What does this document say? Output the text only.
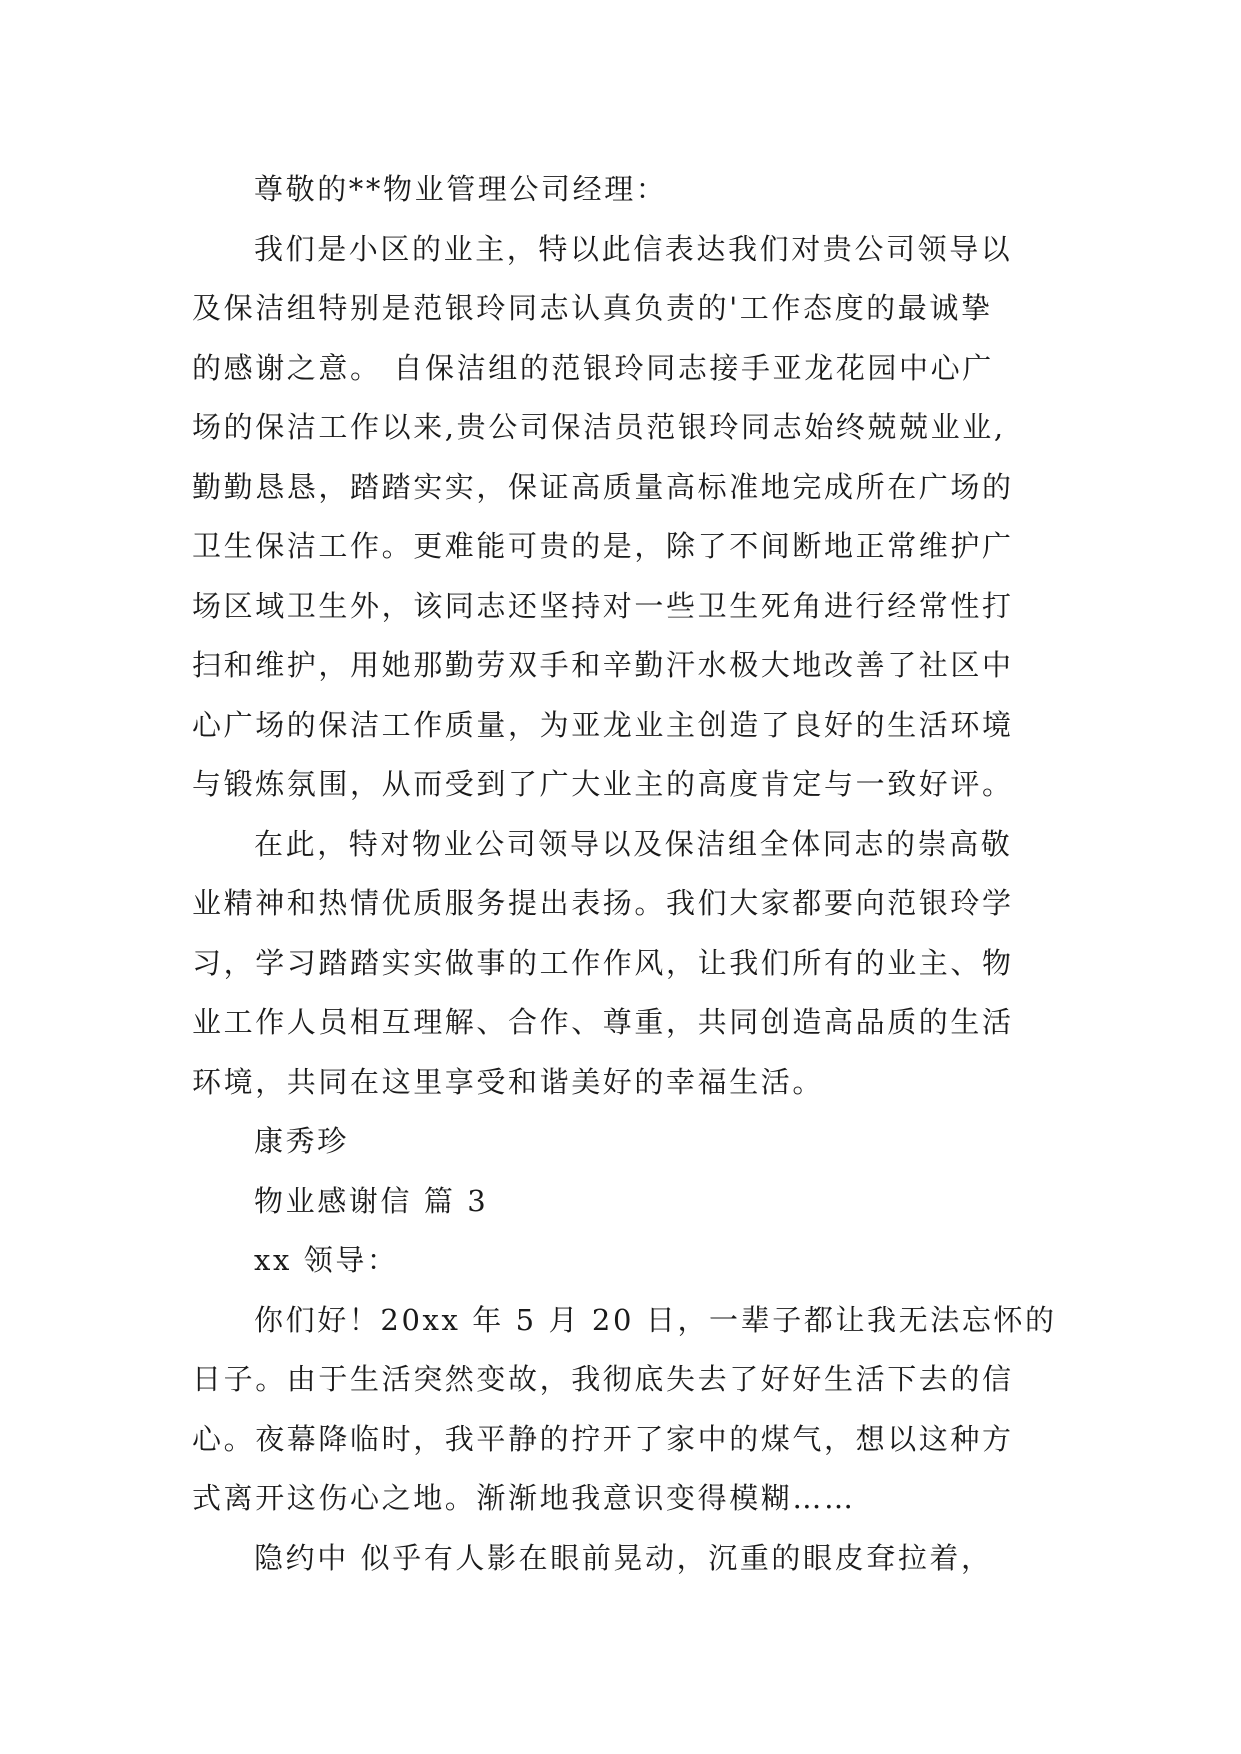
尊敬的**物业管理公司经理：
我们是小区的业主，特以此信表达我们对贵公司领导以
及保洁组特别是范银玲同志认真负责的'工作态度的最诚挚
的感谢之意。 自保洁组的范银玲同志接手亚龙花园中心广
场的保洁工作以来,贵公司保洁员范银玲同志始终兢兢业业,
勤勤恳恳，踏踏实实，保证高质量高标准地完成所在广场的
卫生保洁工作。更难能可贵的是，除了不间断地正常维护广
场区域卫生外，该同志还坚持对一些卫生死角进行经常性打
扫和维护，用她那勤劳双手和辛勤汗水极大地改善了社区中
心广场的保洁工作质量，为亚龙业主创造了良好的生活环境
与锻炼氛围，从而受到了广大业主的高度肯定与一致好评。
在此，特对物业公司领导以及保洁组全体同志的崇高敬
业精神和热情优质服务提出表扬。我们大家都要向范银玲学
习，学习踏踏实实做事的工作作风，让我们所有的业主、物
业工作人员相互理解、合作、尊重，共同创造高品质的生活
环境，共同在这里享受和谐美好的幸福生活。
康秀珍
物业感谢信 篇 3
xx 领导：
你们好！20xx 年 5 月 20 日，一辈子都让我无法忘怀的
日子。由于生活突然变故，我彻底失去了好好生活下去的信
心。夜幕降临时，我平静的拧开了家中的煤气，想以这种方
式离开这伤心之地。渐渐地我意识变得模糊……
隐约中 似乎有人影在眼前晃动，沉重的眼皮耷拉着，
